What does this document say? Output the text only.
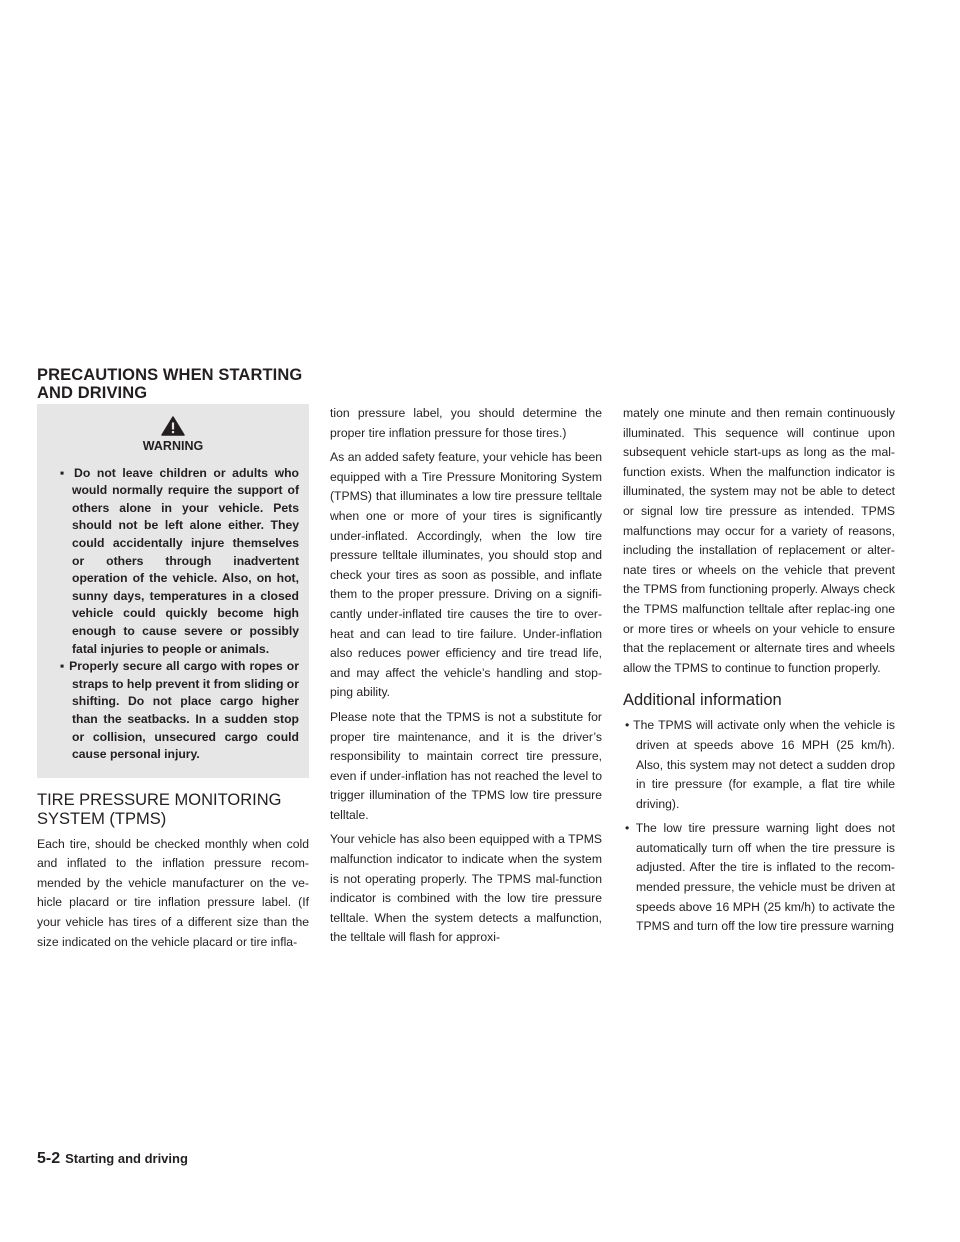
PRECAUTIONS WHEN STARTING AND DRIVING
WARNING

▪ Do not leave children or adults who would normally require the support of others alone in your vehicle. Pets should not be left alone either. They could accidentally injure themselves or others through inadvertent operation of the vehicle. Also, on hot, sunny days, temperatures in a closed vehicle could quickly become high enough to cause severe or possibly fatal injuries to people or animals.

▪ Properly secure all cargo with ropes or straps to help prevent it from sliding or shifting. Do not place cargo higher than the seatbacks. In a sudden stop or collision, unsecured cargo could cause personal injury.

TIRE PRESSURE MONITORING SYSTEM (TPMS)

Each tire, should be checked monthly when cold and inflated to the inflation pressure recom-mended by the vehicle manufacturer on the ve-hicle placard or tire inflation pressure label. (If your vehicle has tires of a different size than the size indicated on the vehicle placard or tire infla-

tion pressure label, you should determine the proper tire inflation pressure for those tires.)

As an added safety feature, your vehicle has been equipped with a Tire Pressure Monitoring System (TPMS) that illuminates a low tire pressure telltale when one or more of your tires is significantly under-inflated. Accordingly, when the low tire pressure telltale illuminates, you should stop and check your tires as soon as possible, and inflate them to the proper pressure. Driving on a signifi-cantly under-inflated tire causes the tire to over-heat and can lead to tire failure. Under-inflation also reduces power efficiency and tire tread life, and may affect the vehicle’s handling and stop-ping ability.

Please note that the TPMS is not a substitute for proper tire maintenance, and it is the driver’s responsibility to maintain correct tire pressure, even if under-inflation has not reached the level to trigger illumination of the TPMS low tire pressure telltale.

Your vehicle has also been equipped with a TPMS malfunction indicator to indicate when the system is not operating properly. The TPMS mal-function indicator is combined with the low tire pressure telltale. When the system detects a malfunction, the telltale will flash for approxi-

mately one minute and then remain continuously illuminated. This sequence will continue upon subsequent vehicle start-ups as long as the mal-function exists. When the malfunction indicator is illuminated, the system may not be able to detect or signal low tire pressure as intended. TPMS malfunctions may occur for a variety of reasons, including the installation of replacement or alter-nate tires or wheels on the vehicle that prevent the TPMS from functioning properly. Always check the TPMS malfunction telltale after replac-ing one or more tires or wheels on your vehicle to ensure that the replacement or alternate tires and wheels allow the TPMS to continue to function properly.

Additional information

• The TPMS will activate only when the vehicle is driven at speeds above 16 MPH (25 km/h). Also, this system may not detect a sudden drop in tire pressure (for example, a flat tire while driving).

• The low tire pressure warning light does not automatically turn off when the tire pressure is adjusted. After the tire is inflated to the recom-mended pressure, the vehicle must be driven at speeds above 16 MPH (25 km/h) to activate the TPMS and turn off the low tire pressure warning

5-2 Starting and driving
